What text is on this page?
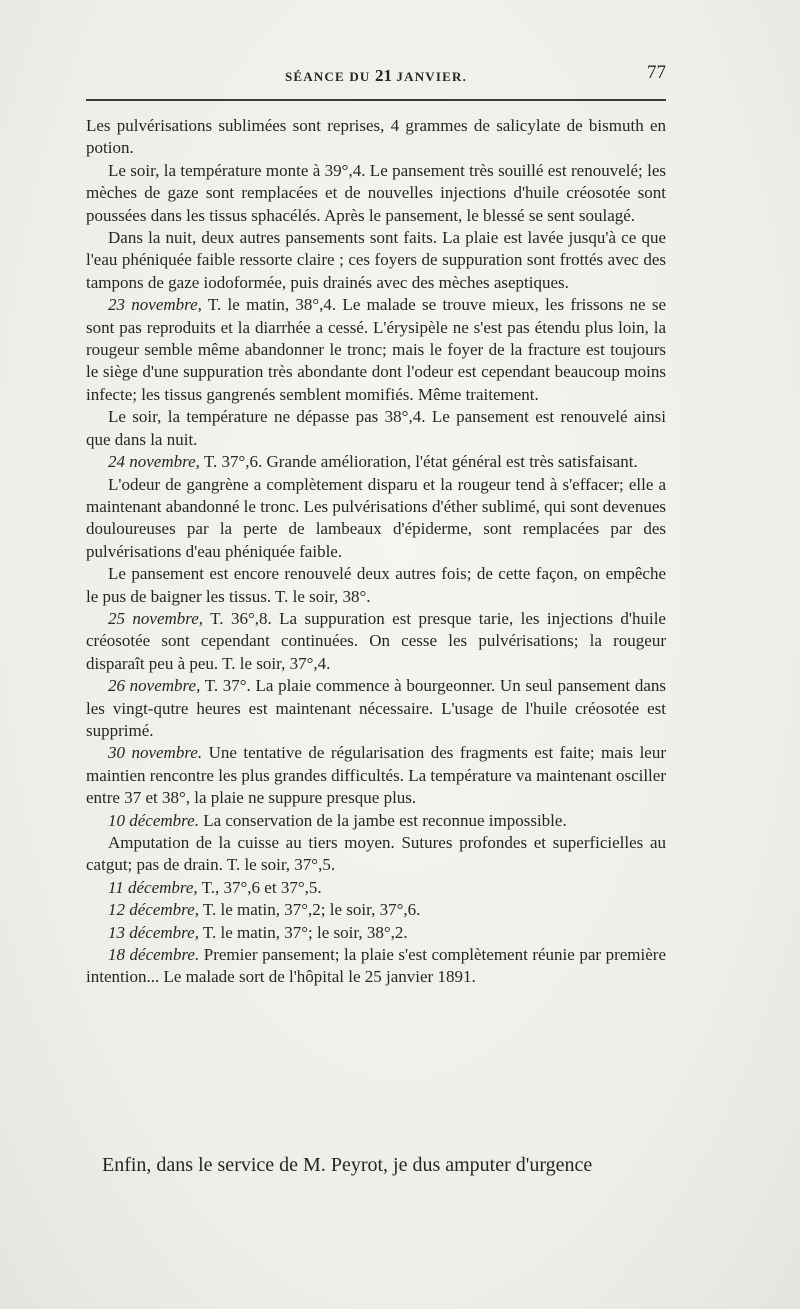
SÉANCE DU 21 JANVIER.	77

Les pulvérisations sublimées sont reprises, 4 grammes de salicylate de bismuth en potion.

Le soir, la température monte à 39°,4. Le pansement très souillé est renouvelé; les mèches de gaze sont remplacées et de nouvelles injections d'huile créosotée sont poussées dans les tissus sphacélés. Après le pansement, le blessé se sent soulagé.

Dans la nuit, deux autres pansements sont faits. La plaie est lavée jusqu'à ce que l'eau phéniquée faible ressorte claire ; ces foyers de suppuration sont frottés avec des tampons de gaze iodoformée, puis drainés avec des mèches aseptiques.

23 novembre, T. le matin, 38°,4. Le malade se trouve mieux, les frissons ne se sont pas reproduits et la diarrhée a cessé. L'érysipèle ne s'est pas étendu plus loin, la rougeur semble même abandonner le tronc; mais le foyer de la fracture est toujours le siège d'une suppuration très abondante dont l'odeur est cependant beaucoup moins infecte; les tissus gangrenés semblent momifiés. Même traitement.

Le soir, la température ne dépasse pas 38°,4. Le pansement est renouvelé ainsi que dans la nuit.

24 novembre, T. 37°,6. Grande amélioration, l'état général est très satisfaisant.

L'odeur de gangrène a complètement disparu et la rougeur tend à s'effacer; elle a maintenant abandonné le tronc. Les pulvérisations d'éther sublimé, qui sont devenues douloureuses par la perte de lambeaux d'épiderme, sont remplacées par des pulvérisations d'eau phéniquée faible.

Le pansement est encore renouvelé deux autres fois; de cette façon, on empêche le pus de baigner les tissus. T. le soir, 38°.

25 novembre, T. 36°,8. La suppuration est presque tarie, les injections d'huile créosotée sont cependant continuées. On cesse les pulvérisations; la rougeur disparaît peu à peu. T. le soir, 37°,4.

26 novembre, T. 37°. La plaie commence à bourgeonner. Un seul pansement dans les vingt-qutre heures est maintenant nécessaire. L'usage de l'huile créosotée est supprimé.

30 novembre. Une tentative de régularisation des fragments est faite; mais leur maintien rencontre les plus grandes difficultés. La température va maintenant osciller entre 37 et 38°, la plaie ne suppure presque plus.

10 décembre. La conservation de la jambe est reconnue impossible.

Amputation de la cuisse au tiers moyen. Sutures profondes et superficielles au catgut; pas de drain. T. le soir, 37°,5.

11 décembre, T., 37°,6 et 37°,5.

12 décembre, T. le matin, 37°,2; le soir, 37°,6.

13 décembre, T. le matin, 37°; le soir, 38°,2.

18 décembre. Premier pansement; la plaie s'est complètement réunie par première intention... Le malade sort de l'hôpital le 25 janvier 1891.

Enfin, dans le service de M. Peyrot, je dus amputer d'urgence
